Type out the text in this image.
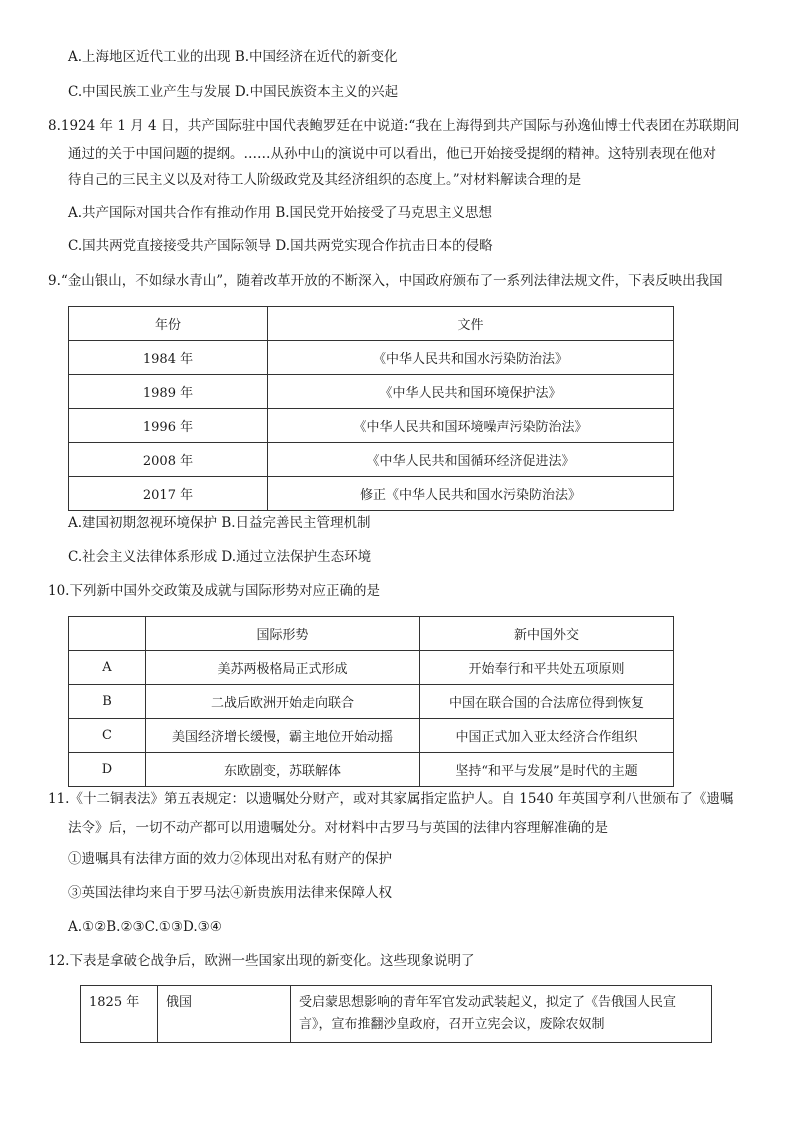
A.上海地区近代工业的出现 B.中国经济在近代的新变化
C.中国民族工业产生与发展 D.中国民族资本主义的兴起
8.1924 年 1 月 4 日，共产国际驻中国代表鲍罗廷在中说道:“我在上海得到共产国际与孙逸仙博士代表团在苏联期间
通过的关于中国问题的提纲。……从孙中山的演说中可以看出，他已开始接受提纲的精神。这特别表现在他对
待自己的三民主义以及对待工人阶级政党及其经济组织的态度上。”对材料解读合理的是
A.共产国际对国共合作有推动作用 B.国民党开始接受了马克思主义思想
C.国共两党直接接受共产国际领导 D.国共两党实现合作抗击日本的侵略
9.“金山银山，不如绿水青山”，随着改革开放的不断深入，中国政府颁布了一系列法律法规文件，下表反映出我国
年份	文件
1984 年	《中华人民共和国水污染防治法》
1989 年	《中华人民共和国环境保护法》
1996 年	《中华人民共和国环境噪声污染防治法》
2008 年	《中华人民共和国循环经济促进法》
2017 年	修正《中华人民共和国水污染防治法》
A.建国初期忽视环境保护 B.日益完善民主管理机制
C.社会主义法律体系形成 D.通过立法保护生态环境
10.下列新中国外交政策及成就与国际形势对应正确的是
	国际形势	新中国外交
A	美苏两极格局正式形成	开始奉行和平共处五项原则
B	二战后欧洲开始走向联合	中国在联合国的合法席位得到恢复
C	美国经济增长缓慢，霸主地位开始动摇	中国正式加入亚太经济合作组织
D	东欧剧变，苏联解体	坚持“和平与发展”是时代的主题
11.《十二铜表法》第五表规定：以遗嘱处分财产，或对其家属指定监护人。自 1540 年英国亨利八世颁布了《遗嘱
法令》后，一切不动产都可以用遗嘱处分。对材料中古罗马与英国的法律内容理解准确的是
①遗嘱具有法律方面的效力②体现出对私有财产的保护
③英国法律均来自于罗马法④新贵族用法律来保障人权
A.①②B.②③C.①③D.③④
12.下表是拿破仑战争后，欧洲一些国家出现的新变化。这些现象说明了
1825 年	俄国	受启蒙思想影响的青年军官发动武装起义，拟定了《告俄国人民宣
言》，宣布推翻沙皇政府，召开立宪会议，废除农奴制
